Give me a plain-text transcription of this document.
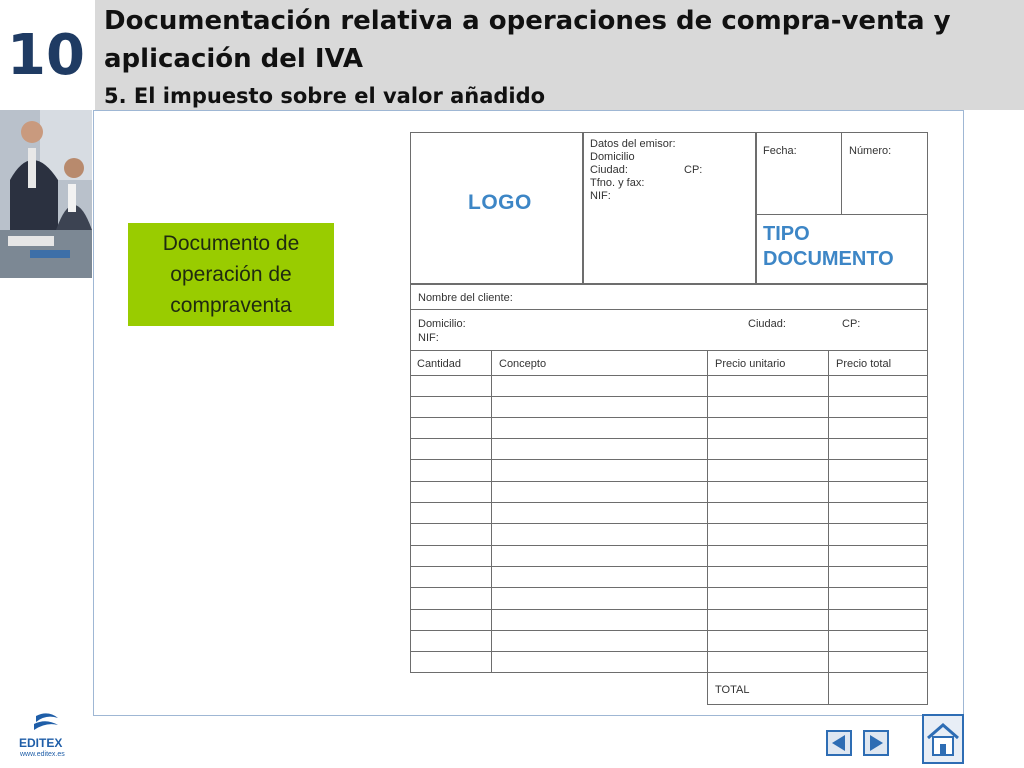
10
Documentación relativa a operaciones de compra-venta y aplicación del IVA
5. El impuesto sobre el valor añadido
Documento de operación de compraventa
LOGO
Datos del emisor:
Domicilio
Ciudad:
Tfno. y fax:
NIF:
CP:
Fecha:	Número:
TIPO DOCUMENTO
Nombre del cliente:
Domicilio:
NIF:
Ciudad:	CP:
Cantidad	Concepto	Precio unitario	Precio total
TOTAL
EDITEX
www.editex.es
